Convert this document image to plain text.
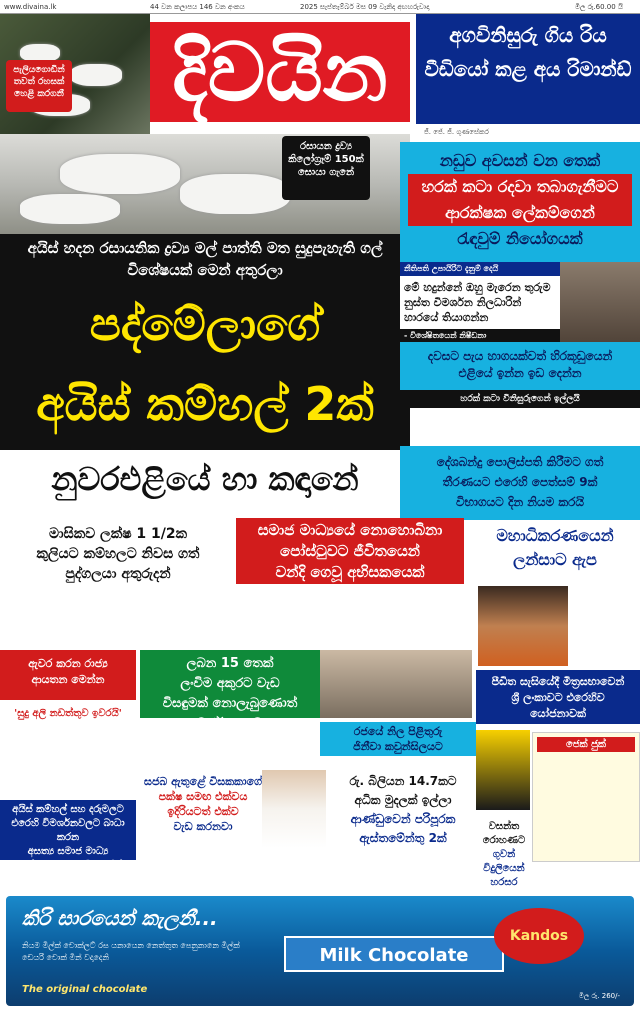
www.divaina.lk	44 වන කලාපය 146 වන අංකය	2025 සැප්තැම්බර් මස 09 වැනිදා අඟහරුවාදා	මිල රු.60.00 යි
දිවයින
පැලියගොඩින් තවත් රහසක් හෙළි කරගනී
රසායන ද්‍රව්‍ය කිලෝග්‍රෑම් 150ක් සොයා ගැනේ
අයිස් හදන රසායනික ද්‍රව්‍ය මල් පාත්ති මත සුදුපැහැති ගල් විශේෂයක් මෙන් අතුරලා
පද්මේලාගේ
අයිස් කම්හල් 2ක්
නුවරඑළියේ හා කඳානේ
අගවිනිසුරු ගිය රිය වීඩියෝ කළ අය රිමාන්ඩ්
ජී. ජේ. ජී. ගුණසේකර
නඩුව අවසන් වන තෙක්
හරක් කටා රදවා තබාගැනීමට
ආරක්ෂක ලේකම්ගෙන්
රැඳවුම් නියෝගයක්
නීතිපති උපායිරිට දැනුම් දෙයි
මේ හදුන්නේ ඔහු මැරෙන තුරුම නුස්ත විමර්ශන නිලධාරින් හාරයේ තියාගන්න
- විශේෂිතයෙන් නිෂීඩනා
දවසට පැය හාගයක්වත් හිරකූඩුයෙන්
එළියේ ඉන්න ඉඩ දෙන්න
හරක් කටා විනිසුරුගෙන් ඉල්ලයි
දේශබන්දු පොලිස්පති කිරීමට ගත්
තීරණයට එරෙහි පෙත්සම් 9ක්
විභාගයට දින නියම කරයි
මාසිකව ලක්ෂ 1 1/2ක
කුලියට කම්හලට නිවස ගත්
පුද්ගලයා අතුරුදන්
සමාජ මාධ්‍යයේ නොහොබිනා
පෝස්ටුවට ජීවිතයෙන්
වන්දි ගෙවූ අභිසකයෙක්
මහාධිකරණයෙන්
ලන්සාට ඇප
ඇවර කරන රාජ්‍ය
ආයතන මෙන්න
'සුදු අලි නඩත්තුව ඉවරයි'
ලබන 15 තෙක්
ලංවිම අකුරට වැඩ
විසඳුමක් නොලැබුණොත්
වර්ජනයකට
පීඩිත සැසියේදී මිත්‍රසභාවෙන්
ශ්‍රී ලංකාවට එරෙහිව
යෝජනාවක්
රජයේ නිල පිළිතුරු
ජිනීවා කවුන්සිලයට
සජබ ඇතුළේ විසකකාගේ
පක්ෂ සමඟ එක්වය
ඉදිරියටත් එක්ව
වැඩ කරනවා
රු. බිලියන 14.7කට
අධික මුදලක් ඉල්ලා
ආණ්ඩුවෙන් පරිපූරක
ඇස්තමේන්තු 2ක්
වසන්ත
රොහණට
ගුවන්
විදුලියෙන්
හරසර
ජෙක් ජුක්
අයිස් කම්හල් සහ දරුමලට
එරෙහි විමර්ශනවලට බාධා කරන
අසත්‍ය සමාජ මාධ්‍ය
පුවත් ගැන පොලිසිය තදින්
කිරි සාරයෙන් කැලනී...
නියම මිල්ක් චොක්ලට් රස යනායෙන නෙත්තුත පෙනුනානෙ මිල්ක් ඩෙයරි චොක් මින් වදාදෙනි	Milk Chocolate
Kandos
The original chocolate
මිල රු. 260/-
